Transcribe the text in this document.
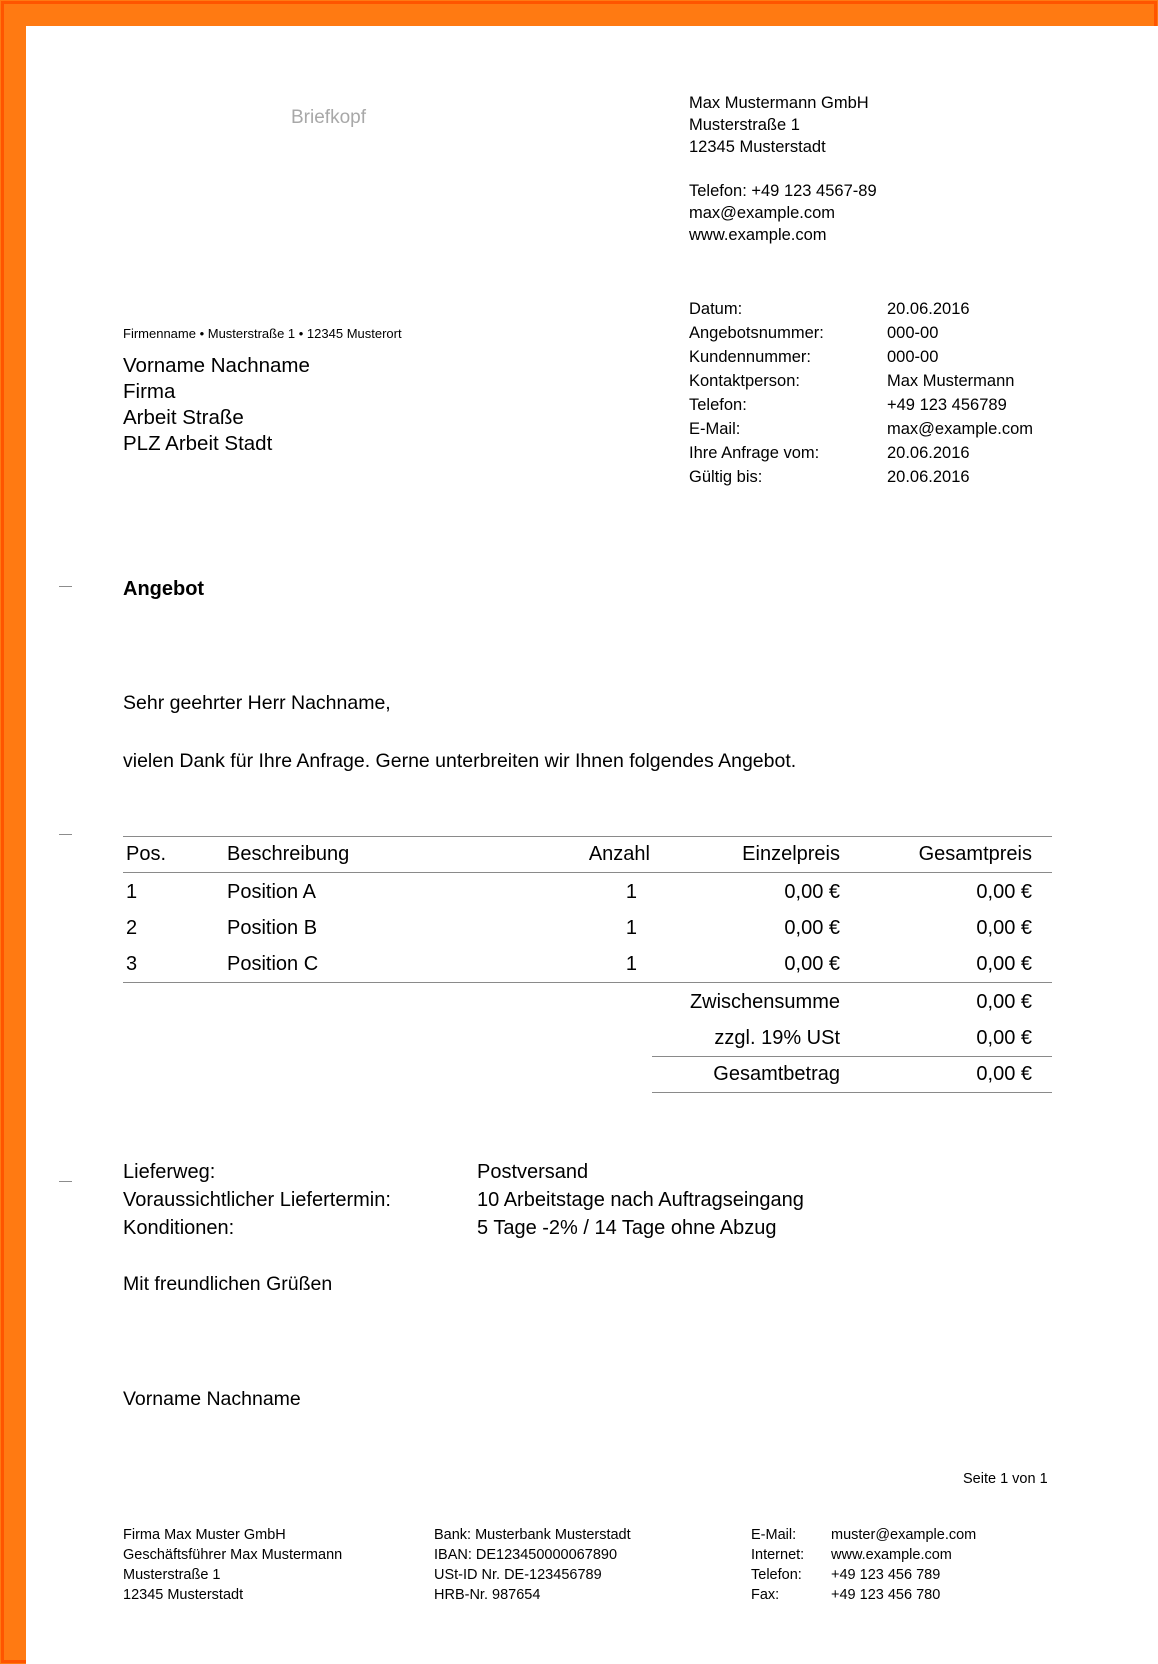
Briefkopf
Max Mustermann GmbH
Musterstraße 1
12345 Musterstadt
Telefon: +49 123 4567-89
max@example.com
www.example.com
Datum:	20.06.2016
Angebotsnummer:	000-00
Kundennummer:	000-00
Kontaktperson:	Max Mustermann
Telefon:	+49 123 456789
E-Mail:	max@example.com
Ihre Anfrage vom:	20.06.2016
Gültig bis:	20.06.2016
Firmenname • Musterstraße 1 • 12345 Musterort
Vorname Nachname
Firma
Arbeit Straße
PLZ Arbeit Stadt
Angebot
Sehr geehrter Herr Nachname,
vielen Dank für Ihre Anfrage. Gerne unterbreiten wir Ihnen folgendes Angebot.
Pos.	Beschreibung	Anzahl	Einzelpreis	Gesamtpreis
1	Position A	1	0,00 €	0,00 €
2	Position B	1	0,00 €	0,00 €
3	Position C	1	0,00 €	0,00 €
Zwischensumme	0,00 €
zzgl. 19% USt	0,00 €
Gesamtbetrag	0,00 €
Lieferweg:	Postversand
Voraussichtlicher Liefertermin:	10 Arbeitstage nach Auftragseingang
Konditionen:	5 Tage -2% / 14 Tage ohne Abzug
Mit freundlichen Grüßen
Vorname Nachname
Seite 1 von 1
Firma Max Muster GmbH
Geschäftsführer Max Mustermann
Musterstraße 1
12345 Musterstadt
Bank: Musterbank Musterstadt
IBAN: DE123450000067890
USt-ID Nr. DE-123456789
HRB-Nr. 987654
E-Mail:	muster@example.com
Internet:	www.example.com
Telefon:	+49 123 456 789
Fax:	+49 123 456 780
